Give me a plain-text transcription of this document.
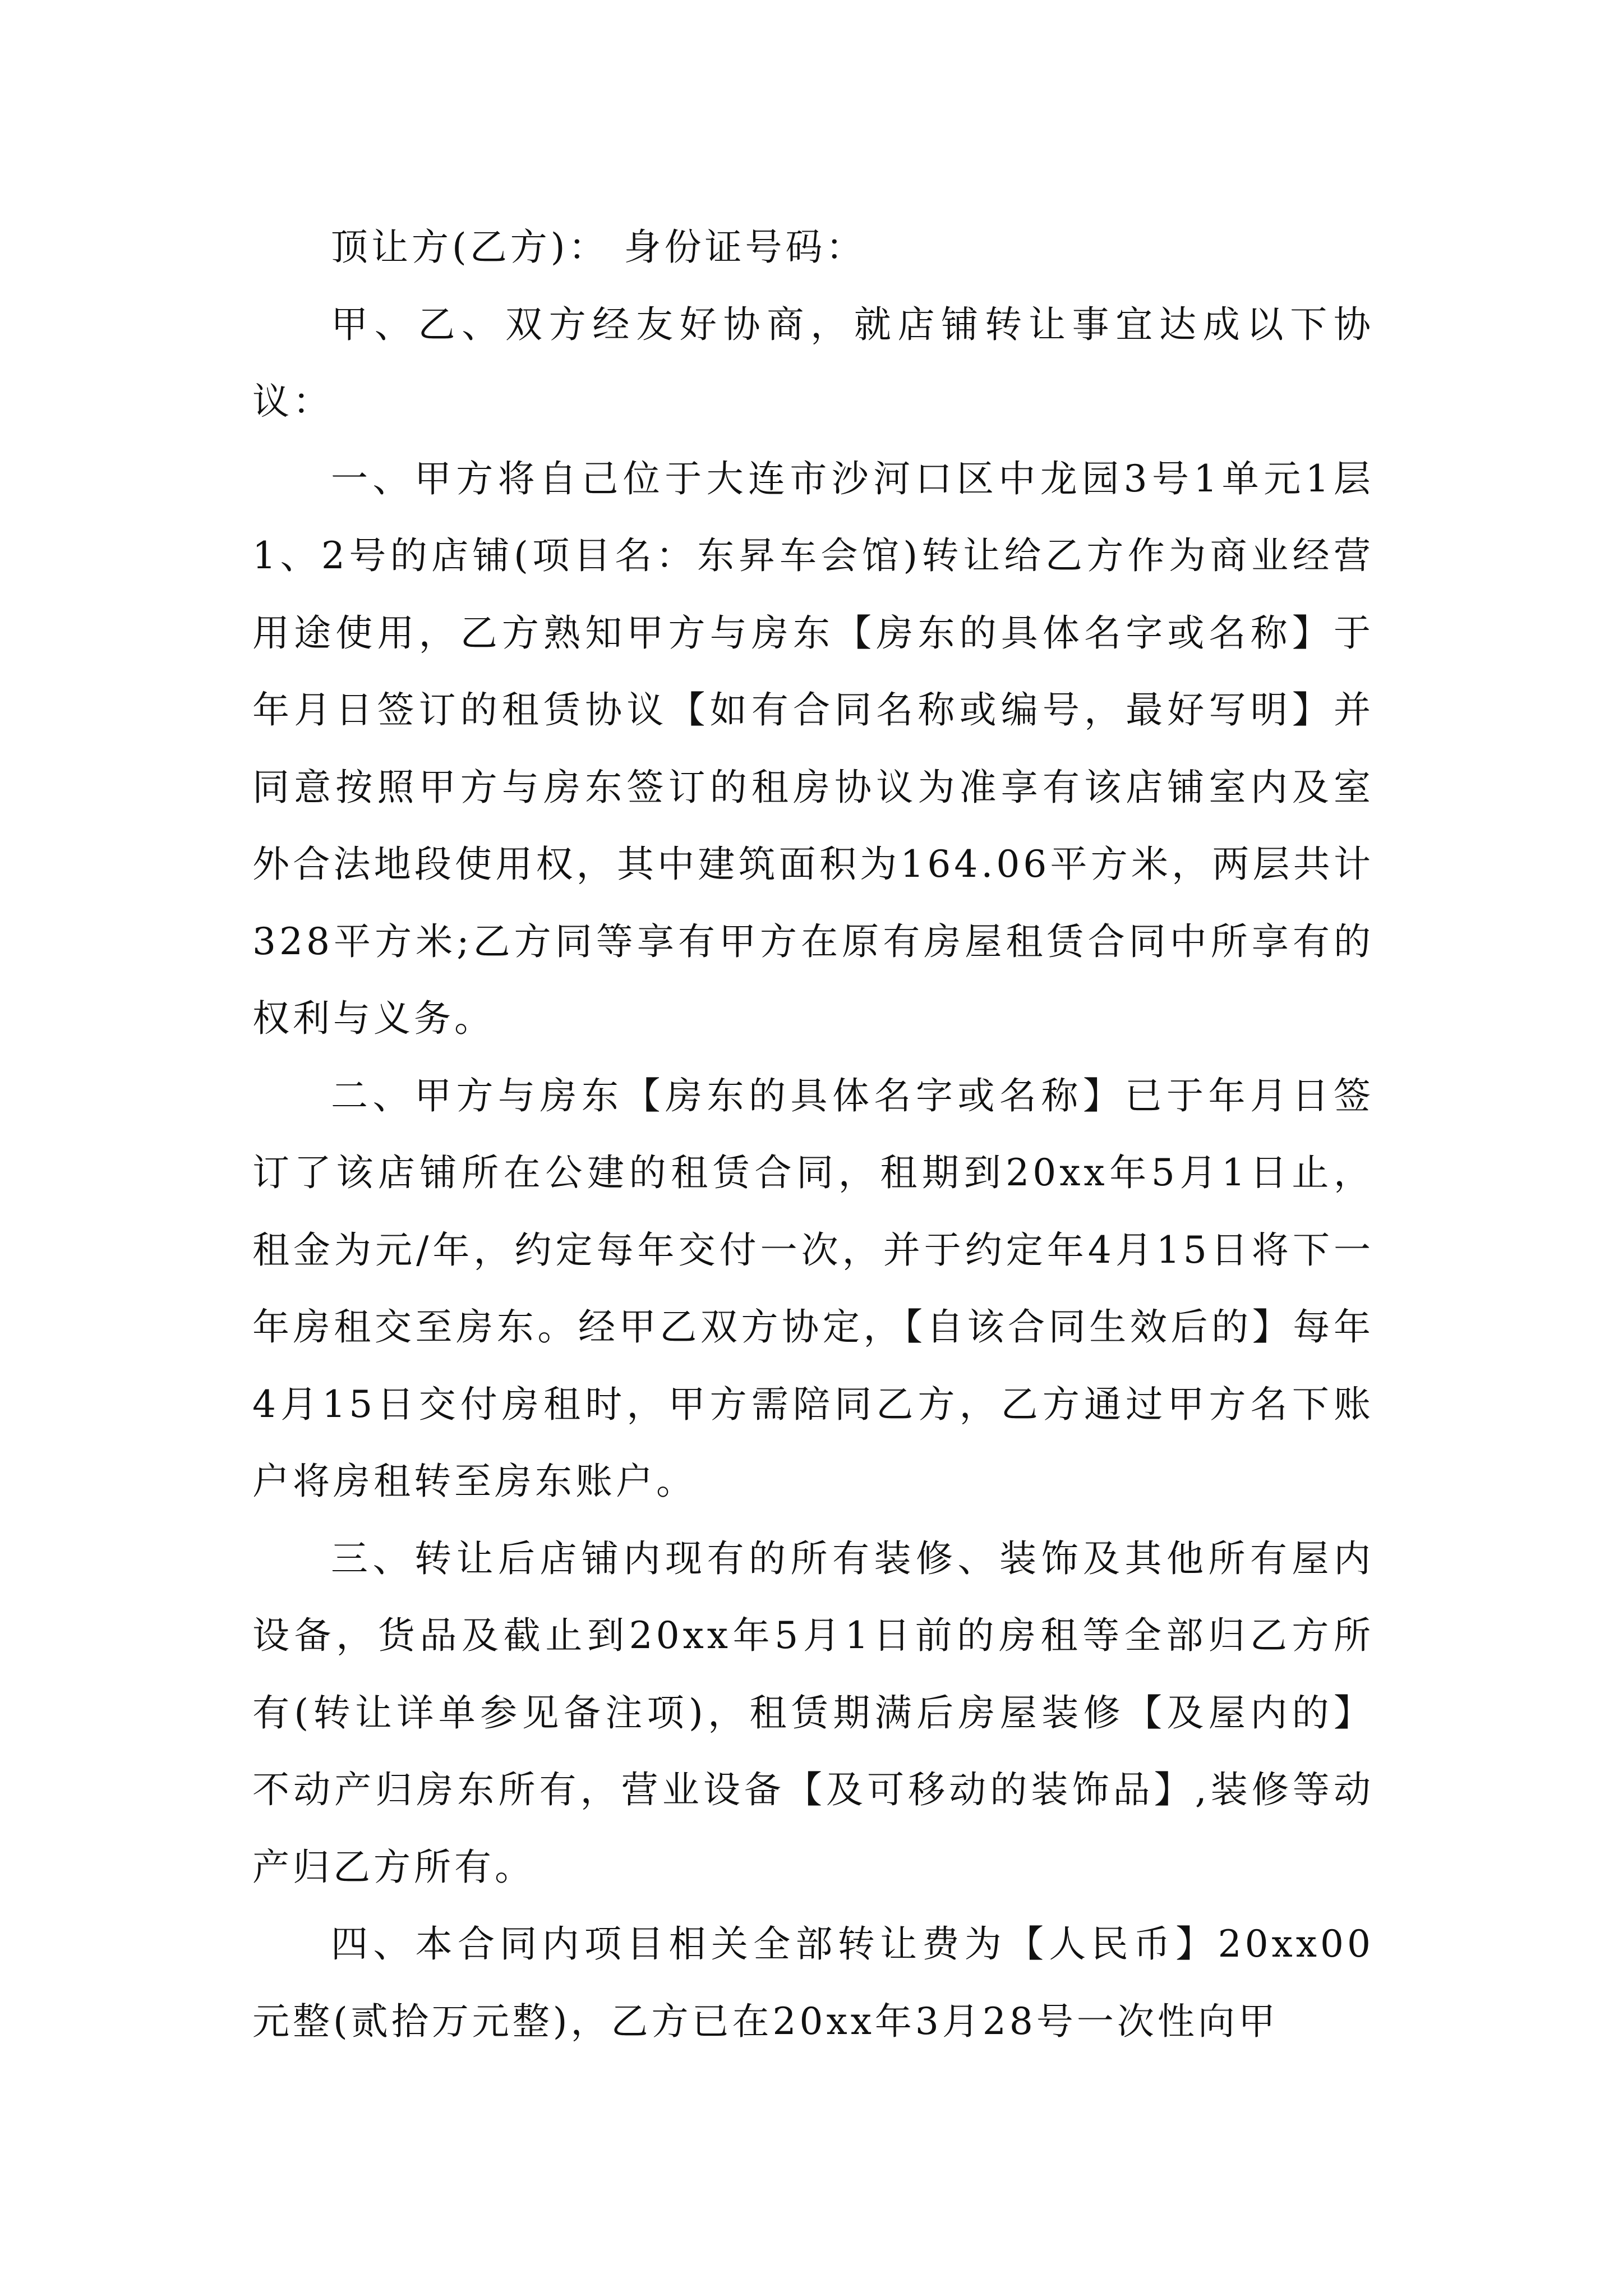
顶让方(乙方)： 身份证号码：

甲、乙、双方经友好协商，就店铺转让事宜达成以下协议：

一、甲方将自己位于大连市沙河口区中龙园3号1单元1层1、2号的店铺(项目名：东昇车会馆)转让给乙方作为商业经营用途使用，乙方熟知甲方与房东【房东的具体名字或名称】于年月日签订的租赁协议【如有合同名称或编号，最好写明】并同意按照甲方与房东签订的租房协议为准享有该店铺室内及室外合法地段使用权，其中建筑面积为164.06平方米，两层共计328平方米;乙方同等享有甲方在原有房屋租赁合同中所享有的权利与义务。

二、甲方与房东【房东的具体名字或名称】已于年月日签订了该店铺所在公建的租赁合同，租期到20xx年5月1日止，租金为元/年，约定每年交付一次，并于约定年4月15日将下一年房租交至房东。经甲乙双方协定，【自该合同生效后的】每年4月15日交付房租时，甲方需陪同乙方，乙方通过甲方名下账户将房租转至房东账户。

三、转让后店铺内现有的所有装修、装饰及其他所有屋内设备，货品及截止到20xx年5月1日前的房租等全部归乙方所有(转让详单参见备注项)，租赁期满后房屋装修【及屋内的】不动产归房东所有，营业设备【及可移动的装饰品】,装修等动产归乙方所有。

四、本合同内项目相关全部转让费为【人民币】20xx00元整(贰拾万元整)，乙方已在20xx年3月28号一次性向甲
